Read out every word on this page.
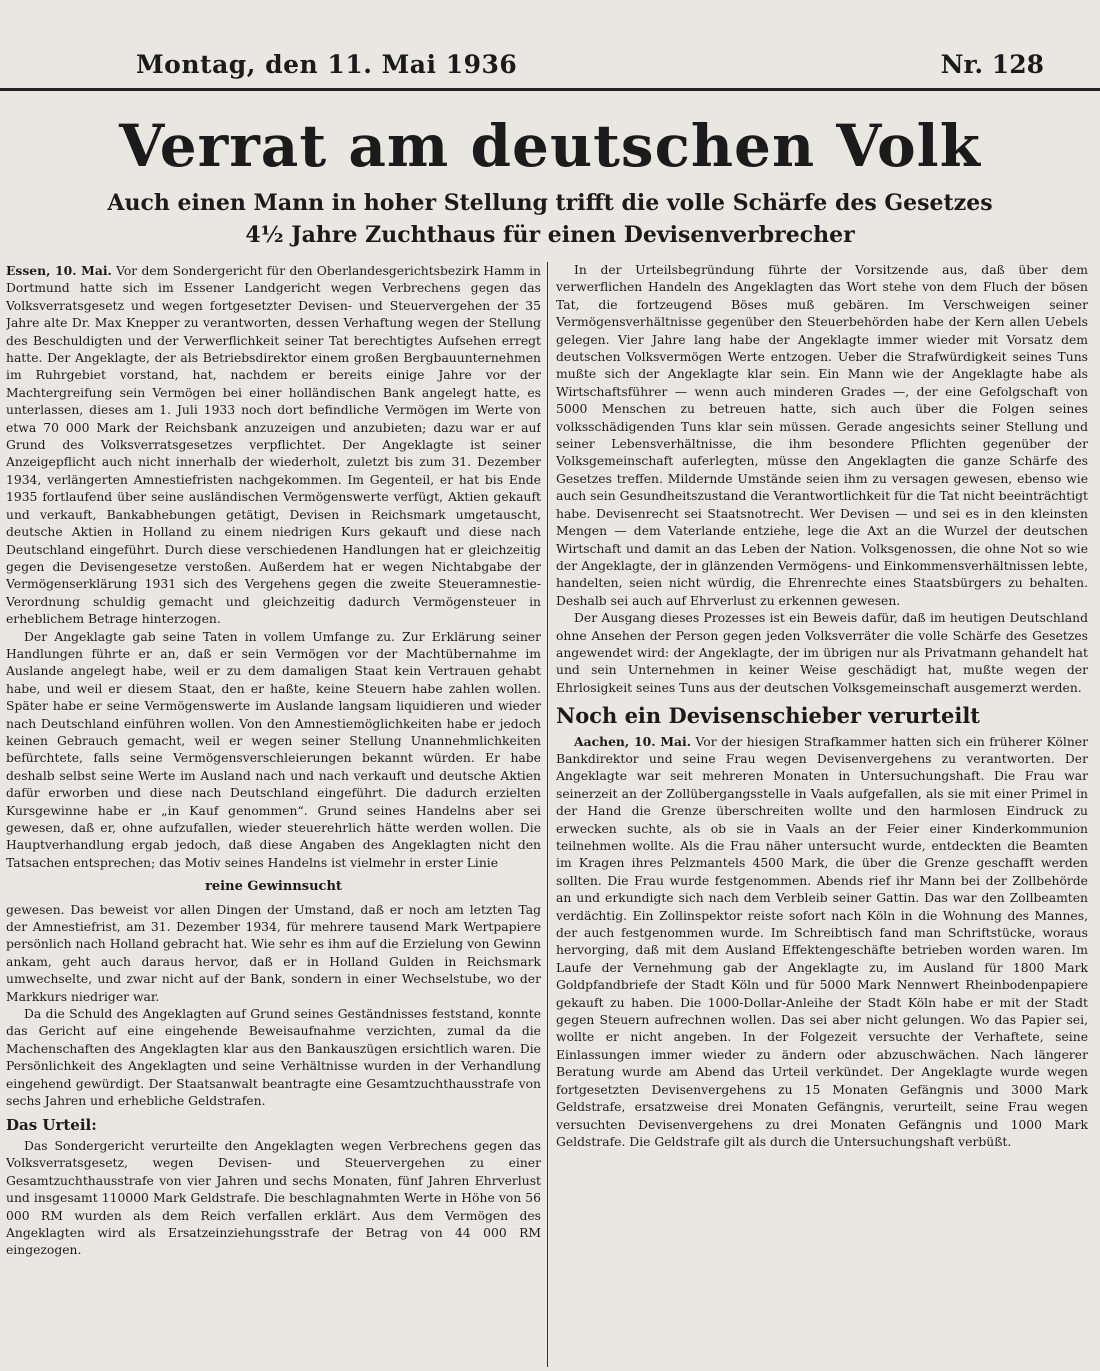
Montag, den 11. Mai 1936	Nr. 128
Verrat am deutschen Volk
Auch einen Mann in hoher Stellung trifft die volle Schärfe des Gesetzes
4½ Jahre Zuchthaus für einen Devisenverbrecher

Essen, 10. Mai. Vor dem Sondergericht für den Oberlandesgerichtsbezirk Hamm in Dortmund hatte sich im Essener Landgericht wegen Verbrechens gegen das Volksverratsgesetz und wegen fortgesetzter Devisen- und Steuervergehen der 35 Jahre alte Dr. Max Knepper zu verantworten, dessen Verhaftung wegen der Stellung des Beschuldigten und der Verwerflichkeit seiner Tat berechtigtes Aufsehen erregt hatte. Der Angeklagte, der als Betriebsdirektor einem großen Bergbauunternehmen im Ruhrgebiet vorstand, hat, nachdem er bereits einige Jahre vor der Machtergreifung sein Vermögen bei einer holländischen Bank angelegt hatte, es unterlassen, dieses am 1. Juli 1933 noch dort befindliche Vermögen im Werte von etwa 70 000 Mark der Reichsbank anzuzeigen und anzubieten; dazu war er auf Grund des Volksverratsgesetzes verpflichtet. Der Angeklagte ist seiner Anzeigepflicht auch nicht innerhalb der wiederholt, zuletzt bis zum 31. Dezember 1934, verlängerten Amnestiefristen nachgekommen. Im Gegenteil, er hat bis Ende 1935 fortlaufend über seine ausländischen Vermögenswerte verfügt, Aktien gekauft und verkauft, Bankabhebungen getätigt, Devisen in Reichsmark umgetauscht, deutsche Aktien in Holland zu einem niedrigen Kurs gekauft und diese nach Deutschland eingeführt. Durch diese verschiedenen Handlungen hat er gleichzeitig gegen die Devisengesetze verstoßen. Außerdem hat er wegen Nichtabgabe der Vermögenserklärung 1931 sich des Vergehens gegen die zweite Steueramnestie-Verordnung schuldig gemacht und gleichzeitig dadurch Vermögensteuer in erheblichem Betrage hinterzogen.

Der Angeklagte gab seine Taten in vollem Umfange zu. Zur Erklärung seiner Handlungen führte er an, daß er sein Vermögen vor der Machtübernahme im Auslande angelegt habe, weil er zu dem damaligen Staat kein Vertrauen gehabt habe, und weil er diesem Staat, den er haßte, keine Steuern habe zahlen wollen. Später habe er seine Vermögenswerte im Auslande langsam liquidieren und wieder nach Deutschland einführen wollen. Von den Amnestiemöglichkeiten habe er jedoch keinen Gebrauch gemacht, weil er wegen seiner Stellung Unannehmlichkeiten befürchtete, falls seine Vermögensverschleierungen bekannt würden. Er habe deshalb selbst seine Werte im Ausland nach und nach verkauft und deutsche Aktien dafür erworben und diese nach Deutschland eingeführt. Die dadurch erzielten Kursgewinne habe er „in Kauf genommen“. Grund seines Handelns aber sei gewesen, daß er, ohne aufzufallen, wieder steuerehrlich hätte werden wollen. Die Hauptverhandlung ergab jedoch, daß diese Angaben des Angeklagten nicht den Tatsachen entsprechen; das Motiv seines Handelns ist vielmehr in erster Linie

reine Gewinnsucht

gewesen. Das beweist vor allen Dingen der Umstand, daß er noch am letzten Tag der Amnestiefrist, am 31. Dezember 1934, für mehrere tausend Mark Wertpapiere persönlich nach Holland gebracht hat. Wie sehr es ihm auf die Erzielung von Gewinn ankam, geht auch daraus hervor, daß er in Holland Gulden in Reichsmark umwechselte, und zwar nicht auf der Bank, sondern in einer Wechselstube, wo der Markkurs niedriger war.

Da die Schuld des Angeklagten auf Grund seines Geständnisses feststand, konnte das Gericht auf eine eingehende Beweisaufnahme verzichten, zumal da die Machenschaften des Angeklagten klar aus den Bankauszügen ersichtlich waren. Die Persönlichkeit des Angeklagten und seine Verhältnisse wurden in der Verhandlung eingehend gewürdigt. Der Staatsanwalt beantragte eine Gesamtzuchthausstrafe von sechs Jahren und erhebliche Geldstrafen.

Das Urteil:

Das Sondergericht verurteilte den Angeklagten wegen Verbrechens gegen das Volksverratsgesetz, wegen Devisen- und Steuervergehen zu einer Gesamtzuchthausstrafe von vier Jahren und sechs Monaten, fünf Jahren Ehrverlust und insgesamt 110000 Mark Geldstrafe. Die beschlagnahmten Werte in Höhe von 56 000 RM wurden als dem Reich verfallen erklärt. Aus dem Vermögen des Angeklagten wird als Ersatzeinziehungsstrafe der Betrag von 44 000 RM eingezogen.

In der Urteilsbegründung führte der Vorsitzende aus, daß über dem verwerflichen Handeln des Angeklagten das Wort stehe von dem Fluch der bösen Tat, die fortzeugend Böses muß gebären. Im Verschweigen seiner Vermögensverhältnisse gegenüber den Steuerbehörden habe der Kern allen Uebels gelegen. Vier Jahre lang habe der Angeklagte immer wieder mit Vorsatz dem deutschen Volksvermögen Werte entzogen. Ueber die Strafwürdigkeit seines Tuns mußte sich der Angeklagte klar sein. Ein Mann wie der Angeklagte habe als Wirtschaftsführer — wenn auch minderen Grades —, der eine Gefolgschaft von 5000 Menschen zu betreuen hatte, sich auch über die Folgen seines volksschädigenden Tuns klar sein müssen. Gerade angesichts seiner Stellung und seiner Lebensverhältnisse, die ihm besondere Pflichten gegenüber der Volksgemeinschaft auferlegten, müsse den Angeklagten die ganze Schärfe des Gesetzes treffen. Mildernde Umstände seien ihm zu versagen gewesen, ebenso wie auch sein Gesundheitszustand die Verantwortlichkeit für die Tat nicht beeinträchtigt habe. Devisenrecht sei Staatsnotrecht. Wer Devisen — und sei es in den kleinsten Mengen — dem Vaterlande entziehe, lege die Axt an die Wurzel der deutschen Wirtschaft und damit an das Leben der Nation. Volksgenossen, die ohne Not so wie der Angeklagte, der in glänzenden Vermögens- und Einkommensverhältnissen lebte, handelten, seien nicht würdig, die Ehrenrechte eines Staatsbürgers zu behalten. Deshalb sei auch auf Ehrverlust zu erkennen gewesen.

Der Ausgang dieses Prozesses ist ein Beweis dafür, daß im heutigen Deutschland ohne Ansehen der Person gegen jeden Volksverräter die volle Schärfe des Gesetzes angewendet wird: der Angeklagte, der im übrigen nur als Privatmann gehandelt hat und sein Unternehmen in keiner Weise geschädigt hat, mußte wegen der Ehrlosigkeit seines Tuns aus der deutschen Volksgemeinschaft ausgemerzt werden.

Noch ein Devisenschieber verurteilt

Aachen, 10. Mai. Vor der hiesigen Strafkammer hatten sich ein früherer Kölner Bankdirektor und seine Frau wegen Devisenvergehens zu verantworten. Der Angeklagte war seit mehreren Monaten in Untersuchungshaft. Die Frau war seinerzeit an der Zollübergangsstelle in Vaals aufgefallen, als sie mit einer Primel in der Hand die Grenze überschreiten wollte und den harmlosen Eindruck zu erwecken suchte, als ob sie in Vaals an der Feier einer Kinderkommunion teilnehmen wollte. Als die Frau näher untersucht wurde, entdeckten die Beamten im Kragen ihres Pelzmantels 4500 Mark, die über die Grenze geschafft werden sollten. Die Frau wurde festgenommen. Abends rief ihr Mann bei der Zollbehörde an und erkundigte sich nach dem Verbleib seiner Gattin. Das war den Zollbeamten verdächtig. Ein Zollinspektor reiste sofort nach Köln in die Wohnung des Mannes, der auch festgenommen wurde. Im Schreibtisch fand man Schriftstücke, woraus hervorging, daß mit dem Ausland Effektengeschäfte betrieben worden waren. Im Laufe der Vernehmung gab der Angeklagte zu, im Ausland für 1800 Mark Goldpfandbriefe der Stadt Köln und für 5000 Mark Nennwert Rheinbodenpapiere gekauft zu haben. Die 1000-Dollar-Anleihe der Stadt Köln habe er mit der Stadt gegen Steuern aufrechnen wollen. Das sei aber nicht gelungen. Wo das Papier sei, wollte er nicht angeben. In der Folgezeit versuchte der Verhaftete, seine Einlassungen immer wieder zu ändern oder abzuschwächen. Nach längerer Beratung wurde am Abend das Urteil verkündet. Der Angeklagte wurde wegen fortgesetzten Devisenvergehens zu 15 Monaten Gefängnis und 3000 Mark Geldstrafe, ersatzweise drei Monaten Gefängnis, verurteilt, seine Frau wegen versuchten Devisenvergehens zu drei Monaten Gefängnis und 1000 Mark Geldstrafe. Die Geldstrafe gilt als durch die Untersuchungshaft verbüßt.
